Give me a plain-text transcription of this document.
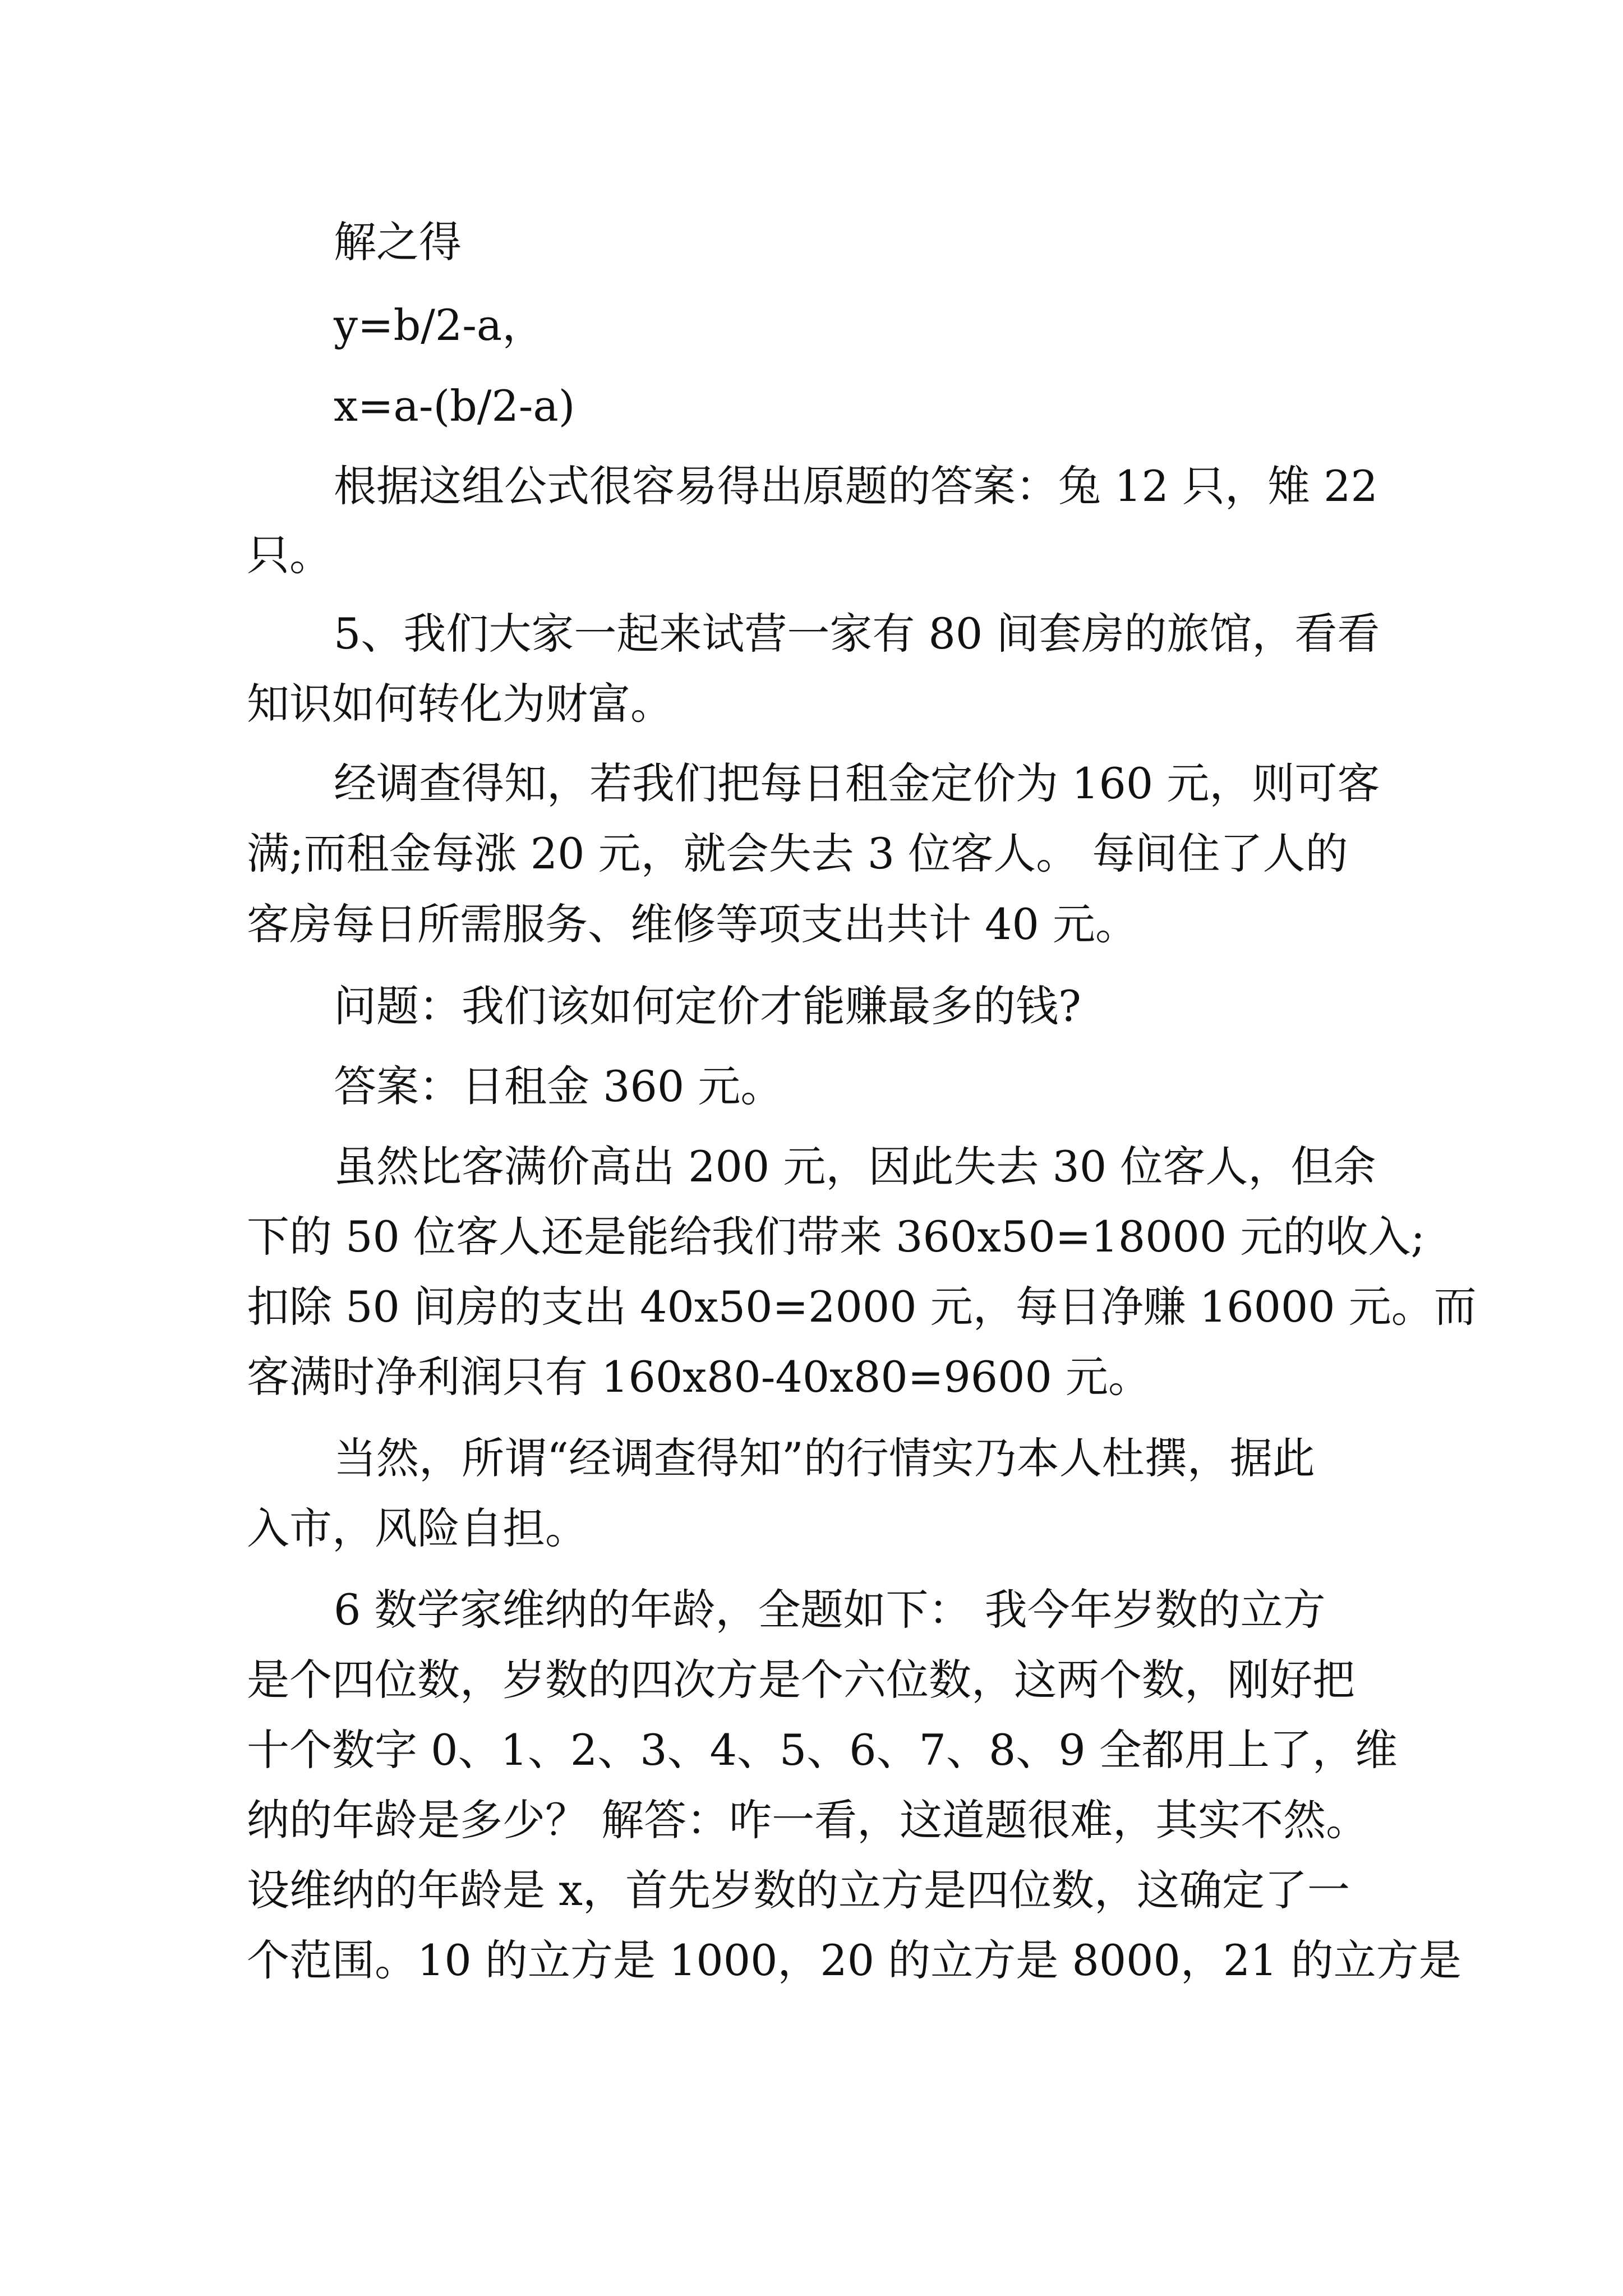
解之得

y=b/2-a，

x=a-(b/2-a)

根据这组公式很容易得出原题的答案：兔 12 只，雉 22

只。

5、我们大家一起来试营一家有 80 间套房的旅馆，看看

知识如何转化为财富。

经调查得知，若我们把每日租金定价为 160 元，则可客

满;而租金每涨 20 元，就会失去 3 位客人。 每间住了人的

客房每日所需服务、维修等项支出共计 40 元。

问题：我们该如何定价才能赚最多的钱?

答案：日租金 360 元。

虽然比客满价高出 200 元，因此失去 30 位客人，但余

下的 50 位客人还是能给我们带来 360x50=18000 元的收入;

扣除 50 间房的支出 40x50=2000 元，每日净赚 16000 元。而

客满时净利润只有 160x80-40x80=9600 元。

当然，所谓“经调查得知”的行情实乃本人杜撰，据此

入市，风险自担。

6 数学家维纳的年龄，全题如下： 我今年岁数的立方

是个四位数，岁数的四次方是个六位数，这两个数，刚好把

十个数字 0、1、2、3、4、5、6、7、8、9 全都用上了，维

纳的年龄是多少？ 解答：咋一看，这道题很难，其实不然。

设维纳的年龄是 x，首先岁数的立方是四位数，这确定了一

个范围。10 的立方是 1000，20 的立方是 8000，21 的立方是
